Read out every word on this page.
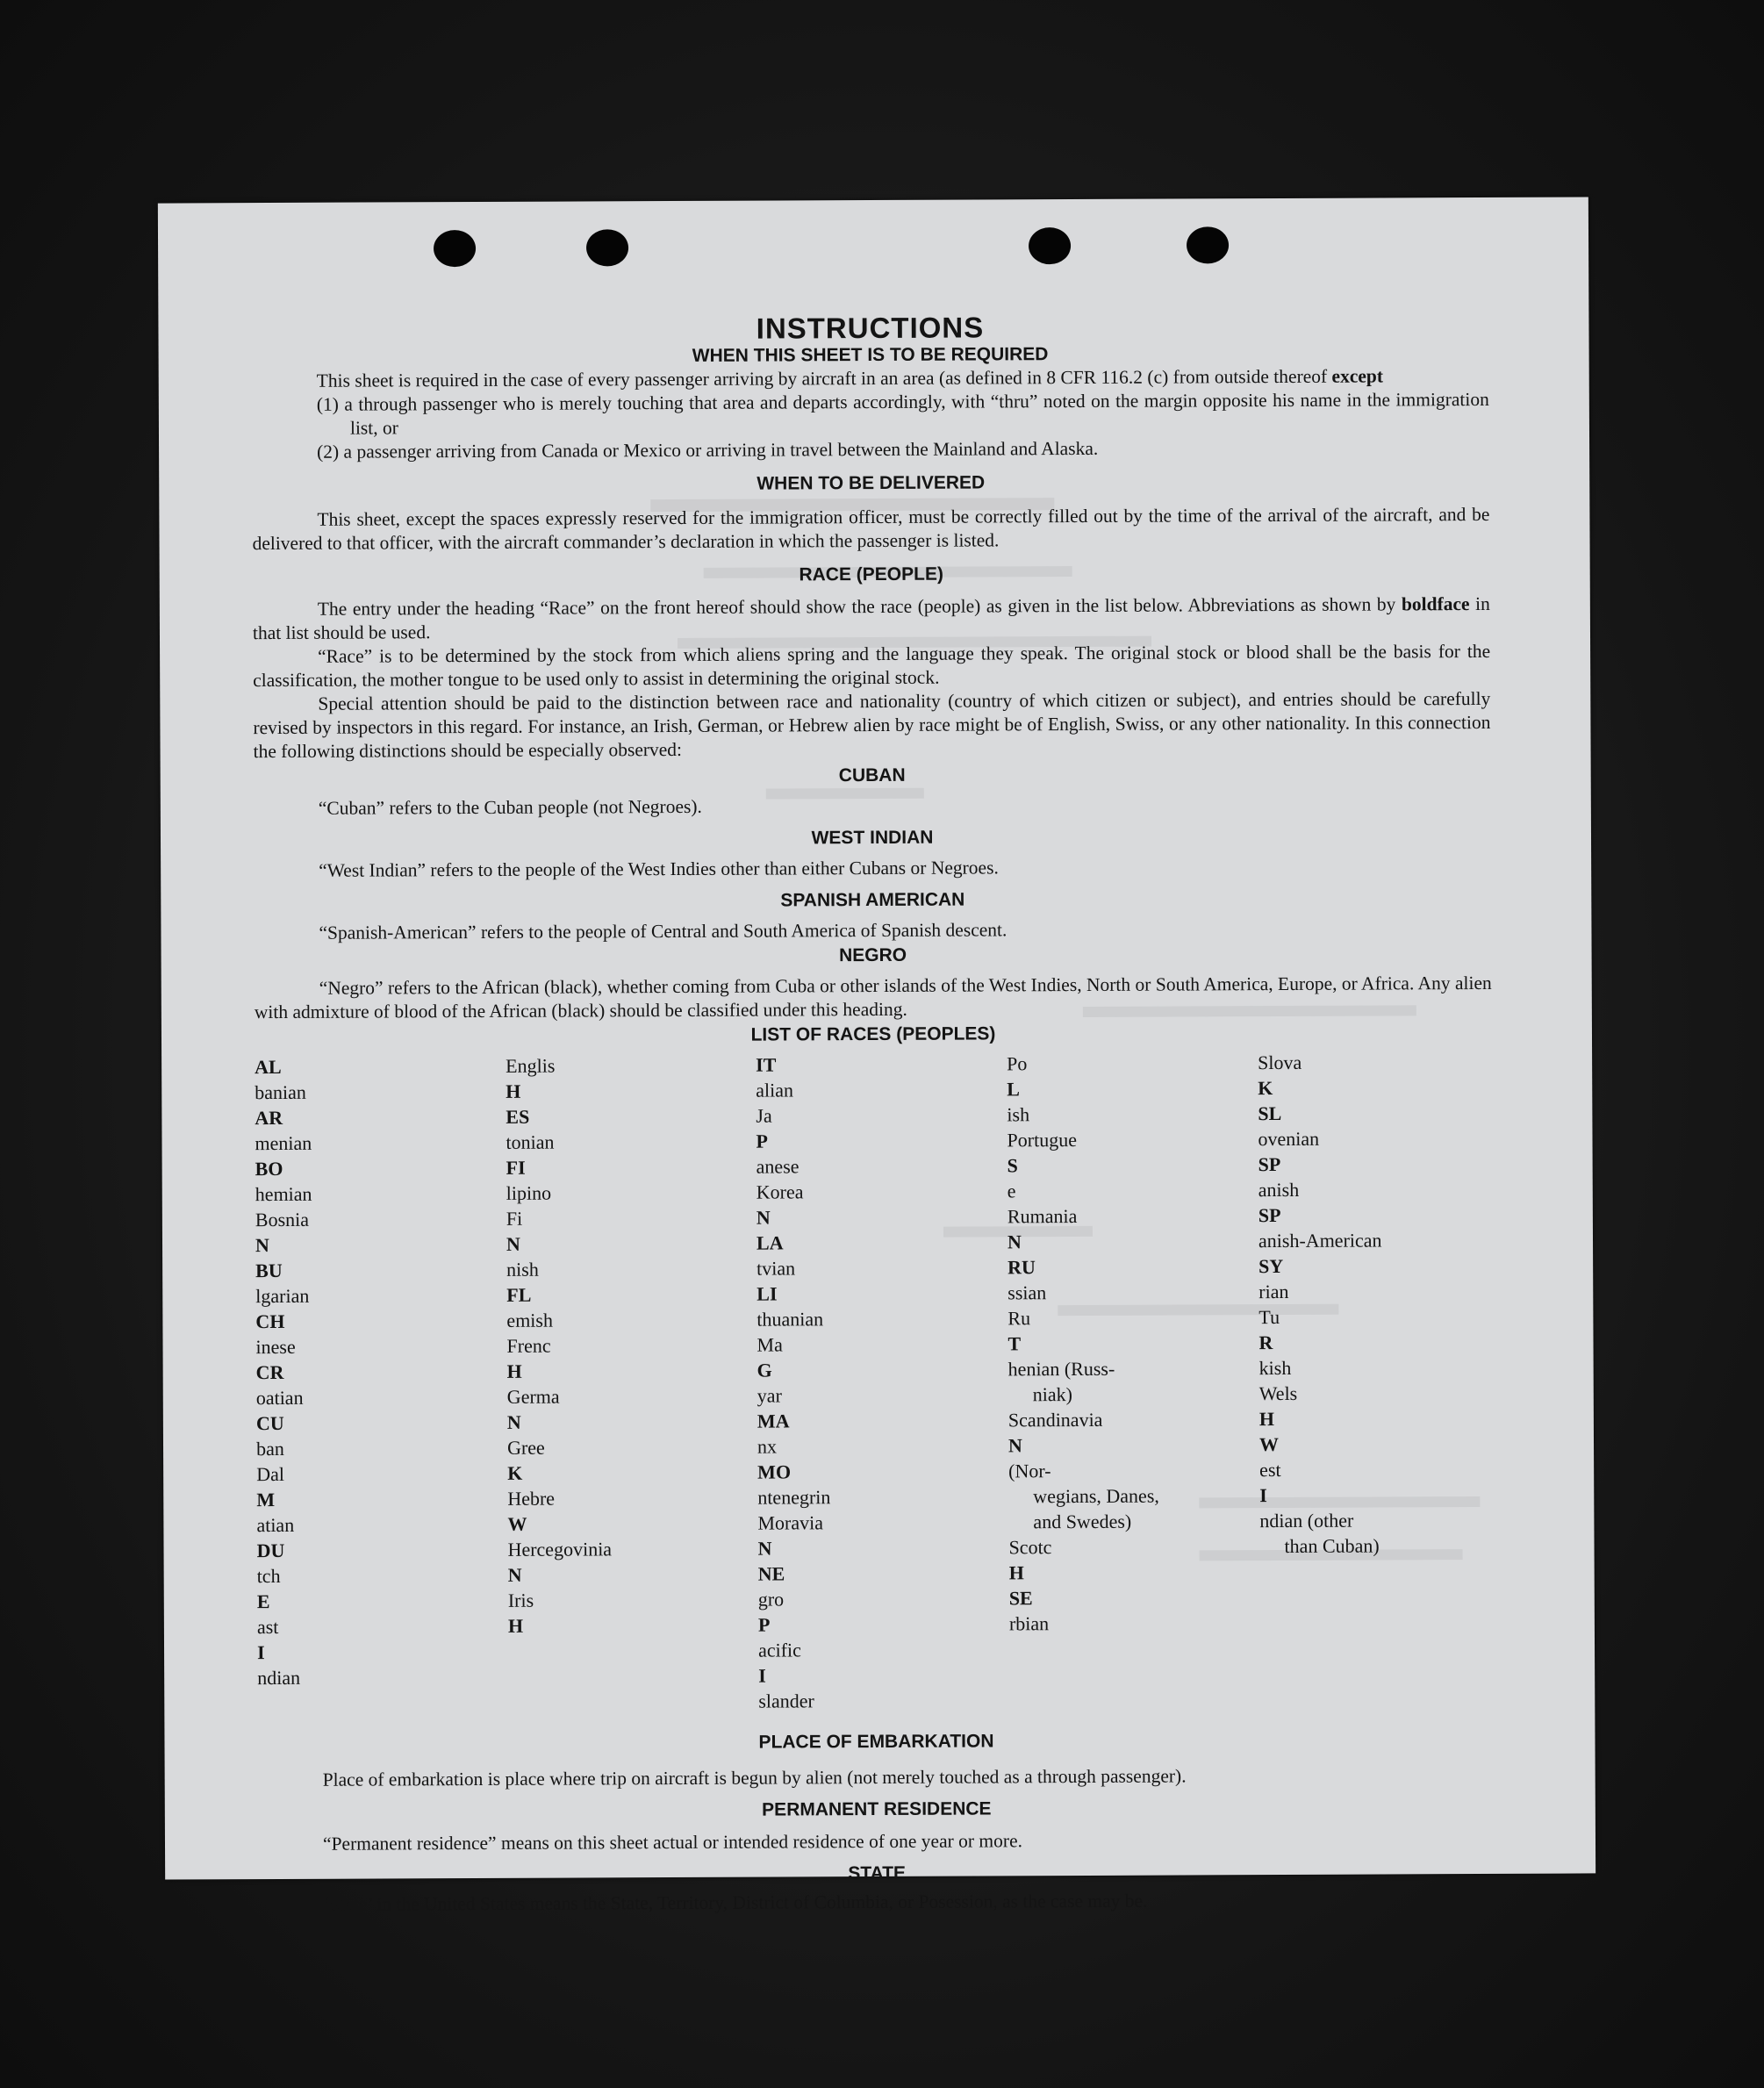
INSTRUCTIONS
WHEN THIS SHEET IS TO BE REQUIRED

This sheet is required in the case of every passenger arriving by aircraft in an area (as defined in 8 CFR 116.2 (c) from outside thereof except

(1) a through passenger who is merely touching that area and departs accordingly, with “thru” noted on the margin opposite his name in the immigration list, or

(2) a passenger arriving from Canada or Mexico or arriving in travel between the Mainland and Alaska.

WHEN TO BE DELIVERED

This sheet, except the spaces expressly reserved for the immigration officer, must be correctly filled out by the time of the arrival of the aircraft, and be delivered to that officer, with the aircraft commander’s declaration in which the passenger is listed.

RACE (PEOPLE)

The entry under the heading “Race” on the front hereof should show the race (people) as given in the list below. Abbreviations as shown by boldface in that list should be used.

“Race” is to be determined by the stock from which aliens spring and the language they speak. The original stock or blood shall be the basis for the classification, the mother tongue to be used only to assist in determining the original stock.

Special attention should be paid to the distinction between race and nationality (country of which citizen or subject), and entries should be carefully revised by inspectors in this regard. For instance, an Irish, German, or Hebrew alien by race might be of English, Swiss, or any other nationality. In this connection the following distinctions should be especially observed:

CUBAN

“Cuban” refers to the Cuban people (not Negroes).

WEST INDIAN

“West Indian” refers to the people of the West Indies other than either Cubans or Negroes.

SPANISH AMERICAN

“Spanish-American” refers to the people of Central and South America of Spanish descent.

NEGRO

“Negro” refers to the African (black), whether coming from Cuba or other islands of the West Indies, North or South America, Europe, or Africa. Any alien with admixture of blood of the African (black) should be classified under this heading.

LIST OF RACES (PEOPLES)
AL
banian
AR
menian
BO
hemian
Bosnia
N
BU
lgarian
CH
inese
CR
oatian
CU
ban
Dal
M
atian
DU
tch
E
ast
I
ndian
Englis
H
ES
tonian
FI
lipino
Fi
N
nish
FL
emish
Frenc
H
Germa
N
Gree
K
Hebre
W
Hercegovinia
N
Iris
H
IT
alian
Ja
P
anese
Korea
N
LA
tvian
LI
thuanian
Ma
G
yar
MA
nx
MO
ntenegrin
Moravia
N
NE
gro
P
acific
I
slander
Po
L
ish
Portugue
S
e
Rumania
N
RU
ssian
Ru
T
henian (Russ-
niak)
Scandinavia
N
(Nor-
wegians, Danes,
and Swedes)
Scotc
H
SE
rbian
Slova
K
SL
ovenian
SP
anish
SP
anish-American
SY
rian
Tu
R
kish
Wels
H
W
est
I
ndian (other
than Cuban)
PLACE OF EMBARKATION

Place of embarkation is place where trip on aircraft is begun by alien (not merely touched as a through passenger).

PERMANENT RESIDENCE

“Permanent residence” means on this sheet actual or intended residence of one year or more.

STATE

‘State’ in the United States means the State, Territory, District of Columbia, or Posession, as the case may be.
